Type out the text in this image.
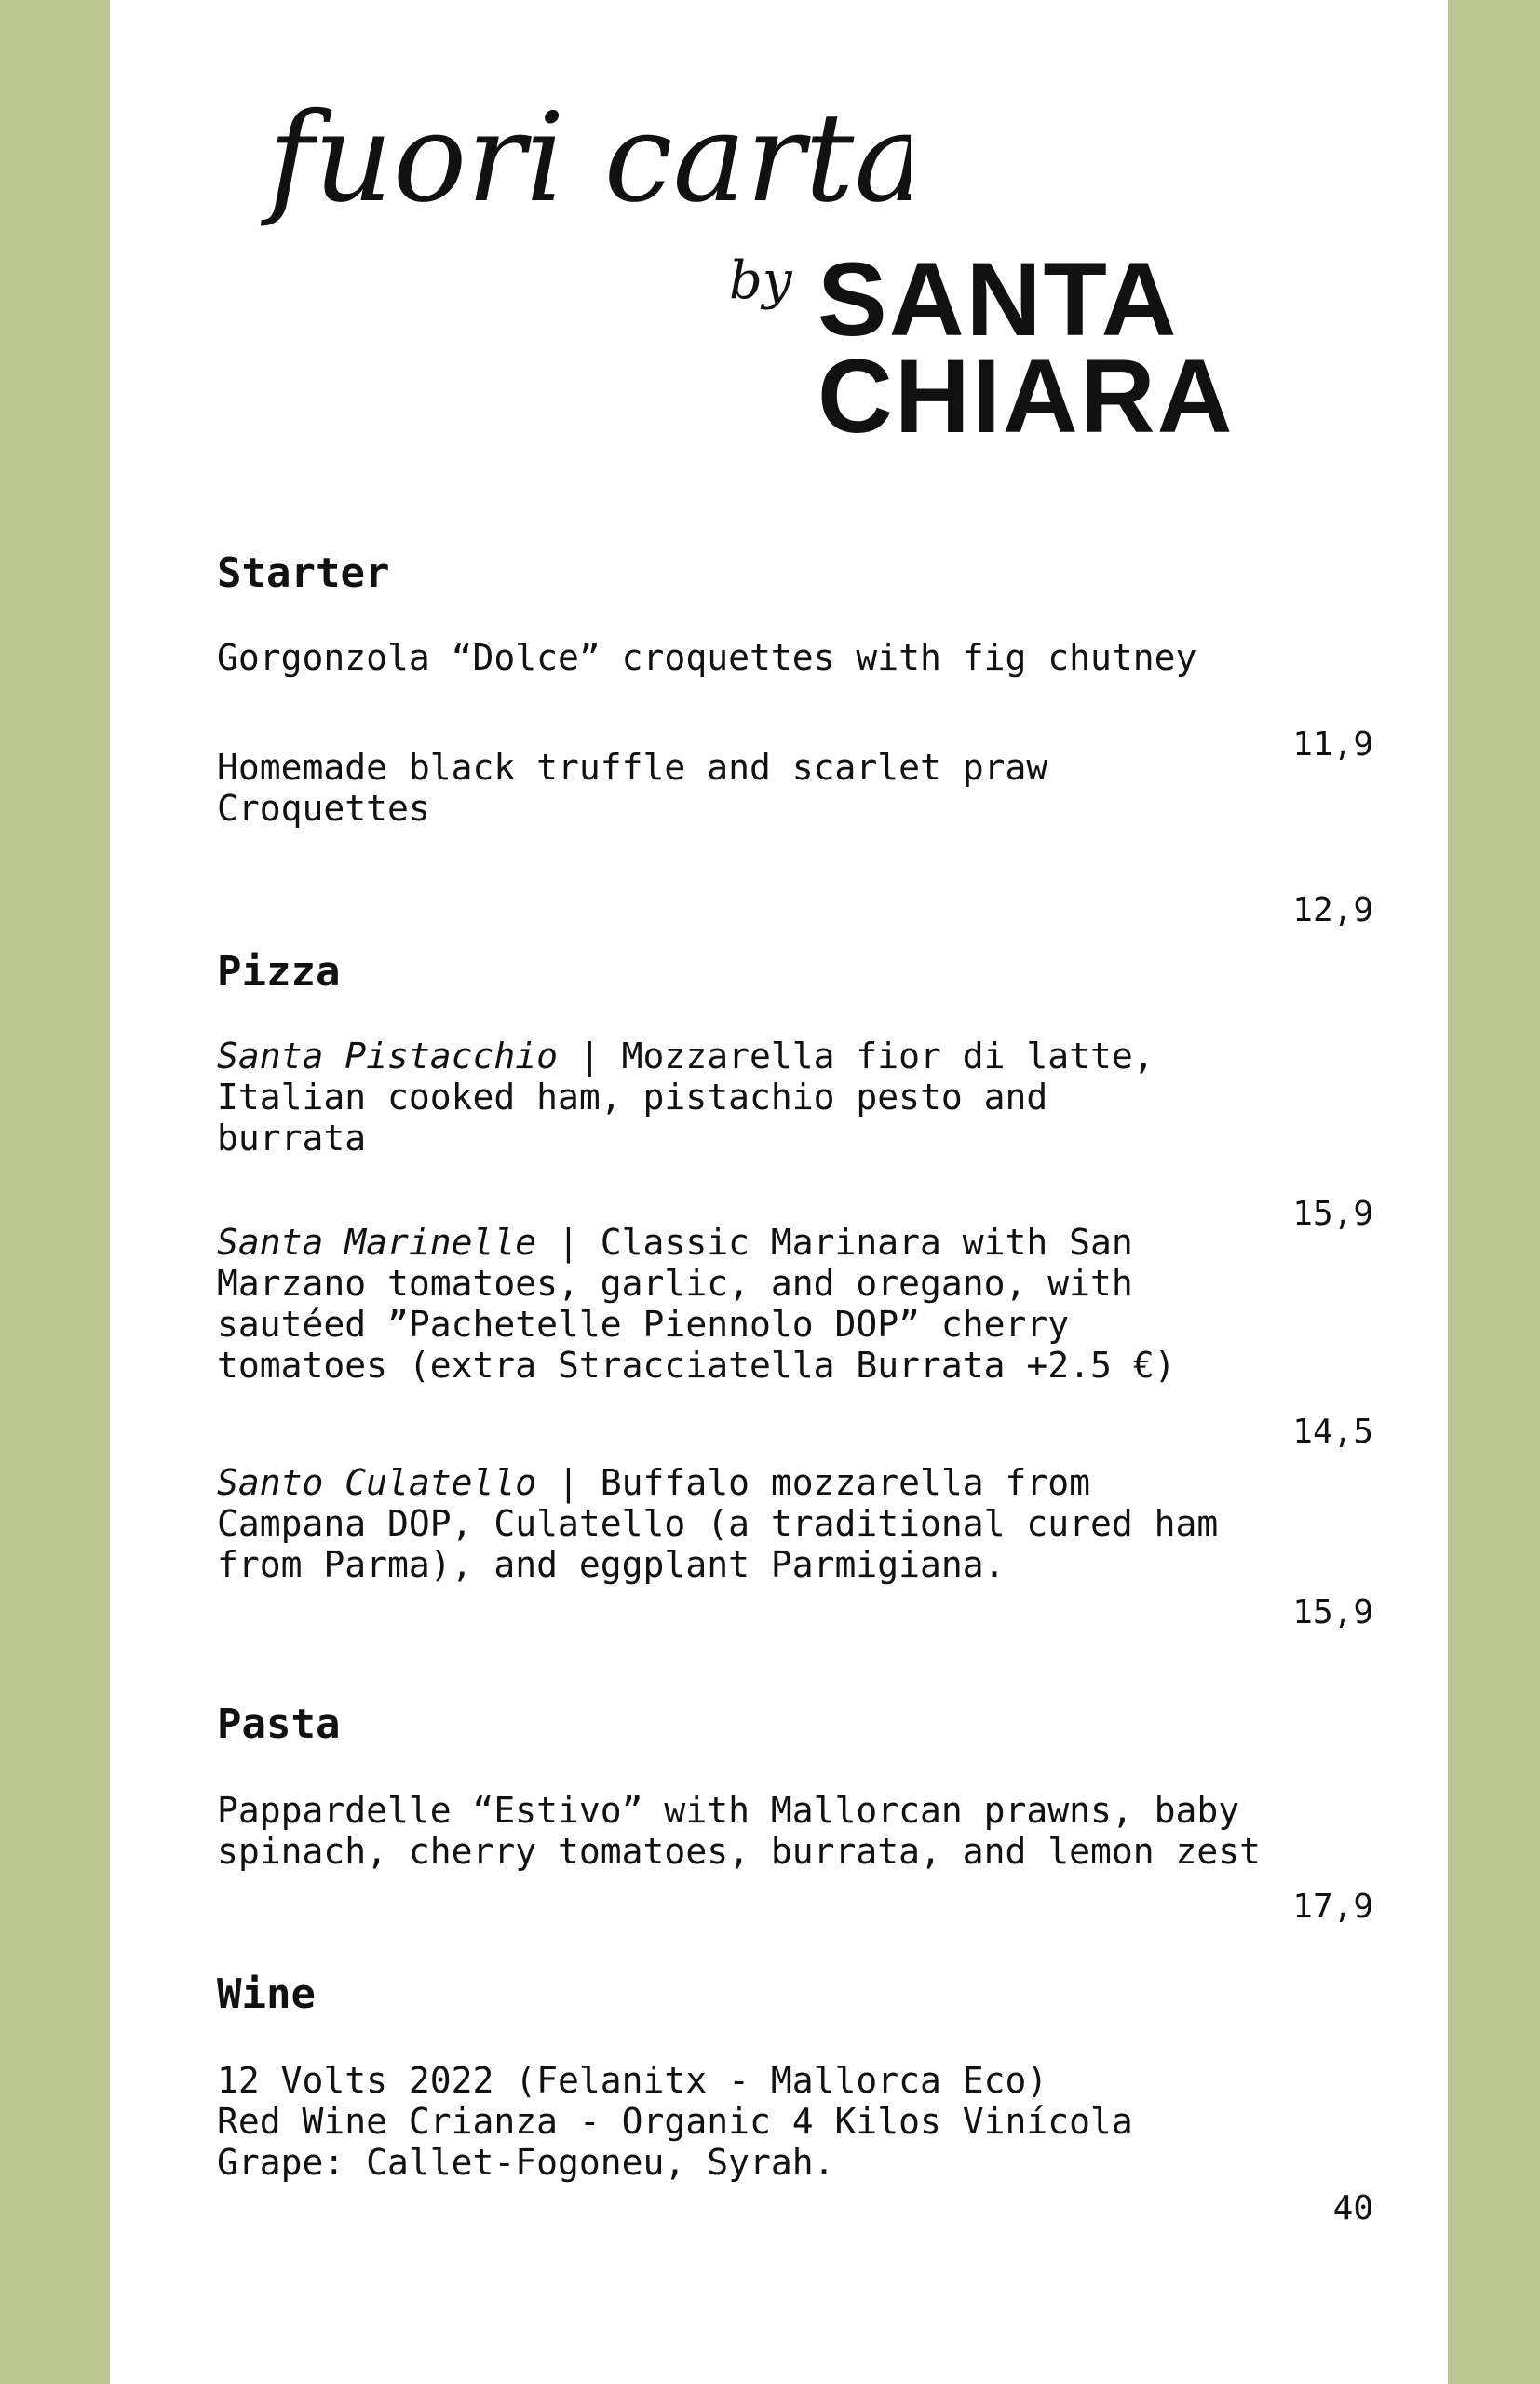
fuori carta
by SANTA
CHIARA
Starter

Gorgonzola “Dolce” croquettes with fig chutney

11,9

Homemade black truffle and scarlet praw
Croquettes

12,9
Pizza

Santa Pistacchio | Mozzarella fior di latte,
Italian cooked ham, pistachio pesto and
burrata

15,9

Santa Marinelle | Classic Marinara with San
Marzano tomatoes, garlic, and oregano, with
sautéed ”Pachetelle Piennolo DOP” cherry
tomatoes (extra Stracciatella Burrata +2.5 €)

14,5

Santo Culatello | Buffalo mozzarella from
Campana DOP, Culatello (a traditional cured ham
from Parma), and eggplant Parmigiana.

15,9
Pasta

Pappardelle “Estivo” with Mallorcan prawns, baby
spinach, cherry tomatoes, burrata, and lemon zest

17,9
Wine

12 Volts 2022 (Felanitx - Mallorca Eco)
Red Wine Crianza - Organic 4 Kilos Vinícola
Grape: Callet-Fogoneu, Syrah.

40
